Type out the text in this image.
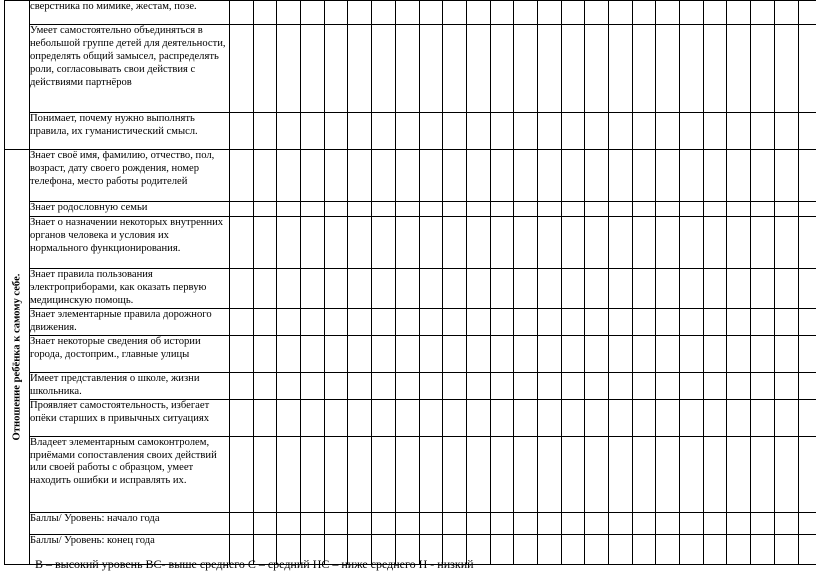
	сверстника по мимике, жестам, позе.																										
	Умеет самостоятельно объединяться в небольшой группе детей для деятельности, определять общий замысел, распределять роли, согласовывать свои действия с действиями партнёров																										
	Понимает, почему нужно выполнять правила, их гуманистический смысл.																										

Отношение ребёнка к самому себе.	Знает своё имя, фамилию, отчество, пол, возраст, дату своего рождения, номер телефона, место работы родителей																										
	Знает родословную семьи																										
	Знает о назначении некоторых внутренних органов человека и условия их нормального функционирования.																										
	Знает правила пользования электроприборами, как оказать первую медицинскую помощь.																										
	Знает элементарные правила дорожного движения.																										
	Знает некоторые сведения об истории города, достоприм., главные улицы																										
	Имеет представления о школе, жизни школьника.																										
	Проявляет самостоятельность, избегает опёки старших в привычных ситуациях																										
	Владеет элементарным самоконтролем, приёмами сопоставления своих действий или своей работы с образцом, умеет находить ошибки и исправлять их.																										
	Баллы/ Уровень: начало года																										
	Баллы/ Уровень: конец года																										
В – высокий уровень ВС- выше среднего С – средний НС – ниже среднего Н - низкий
